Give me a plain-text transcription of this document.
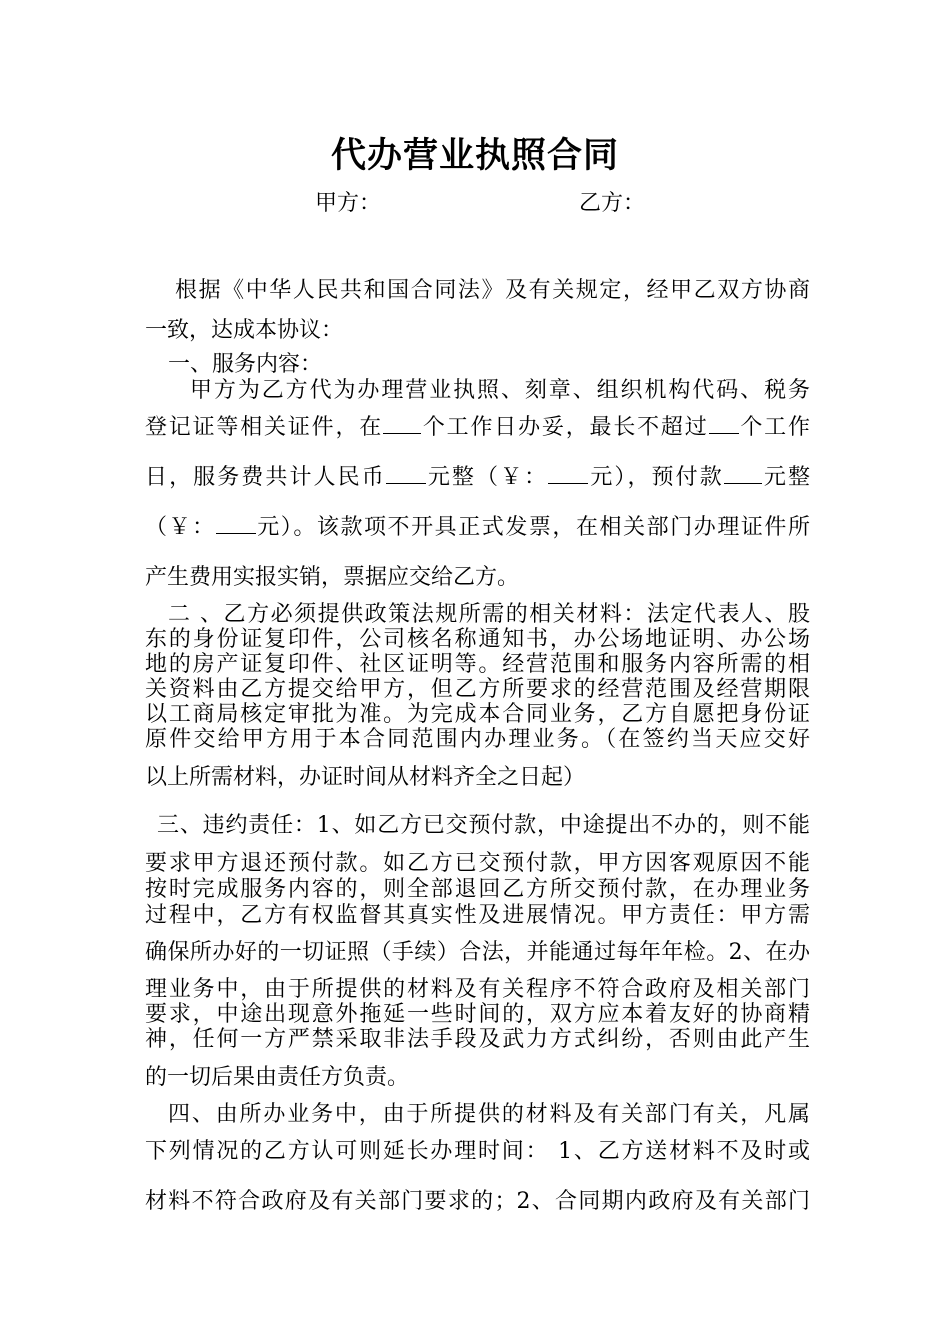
代办营业执照合同
甲方：	乙方：
根据《中华人民共和国合同法》及有关规定，经甲乙双方协商
一致，达成本协议：
一、服务内容：
甲方为乙方代为办理营业执照、刻章、组织机构代码、税务
登记证等相关证件，在 个工作日办妥，最长不超过 个工作
日，服务费共计人民币 元整（￥： 元），预付款 元整
（￥： 元）。该款项不开具正式发票，在相关部门办理证件所
产生费用实报实销，票据应交给乙方。
二 、乙方必须提供政策法规所需的相关材料：法定代表人、股
东的身份证复印件，公司核名称通知书，办公场地证明、办公场
地的房产证复印件、社区证明等。经营范围和服务内容所需的相
关资料由乙方提交给甲方，但乙方所要求的经营范围及经营期限
以工商局核定审批为准。为完成本合同业务，乙方自愿把身份证
原件交给甲方用于本合同范围内办理业务。（在签约当天应交好
以上所需材料，办证时间从材料齐全之日起）
三、违约责任：1、如乙方已交预付款，中途提出不办的，则不能
要求甲方退还预付款。如乙方已交预付款，甲方因客观原因不能
按时完成服务内容的，则全部退回乙方所交预付款，在办理业务
过程中，乙方有权监督其真实性及进展情况。甲方责任：甲方需
确保所办好的一切证照（手续）合法，并能通过每年年检。2、在办
理业务中，由于所提供的材料及有关程序不符合政府及相关部门
要求，中途出现意外拖延一些时间的，双方应本着友好的协商精
神，任何一方严禁采取非法手段及武力方式纠纷，否则由此产生
的一切后果由责任方负责。
四、由所办业务中，由于所提供的材料及有关部门有关，凡属
下列情况的乙方认可则延长办理时间： 1、乙方送材料不及时或
材料不符合政府及有关部门要求的；2、合同期内政府及有关部门
